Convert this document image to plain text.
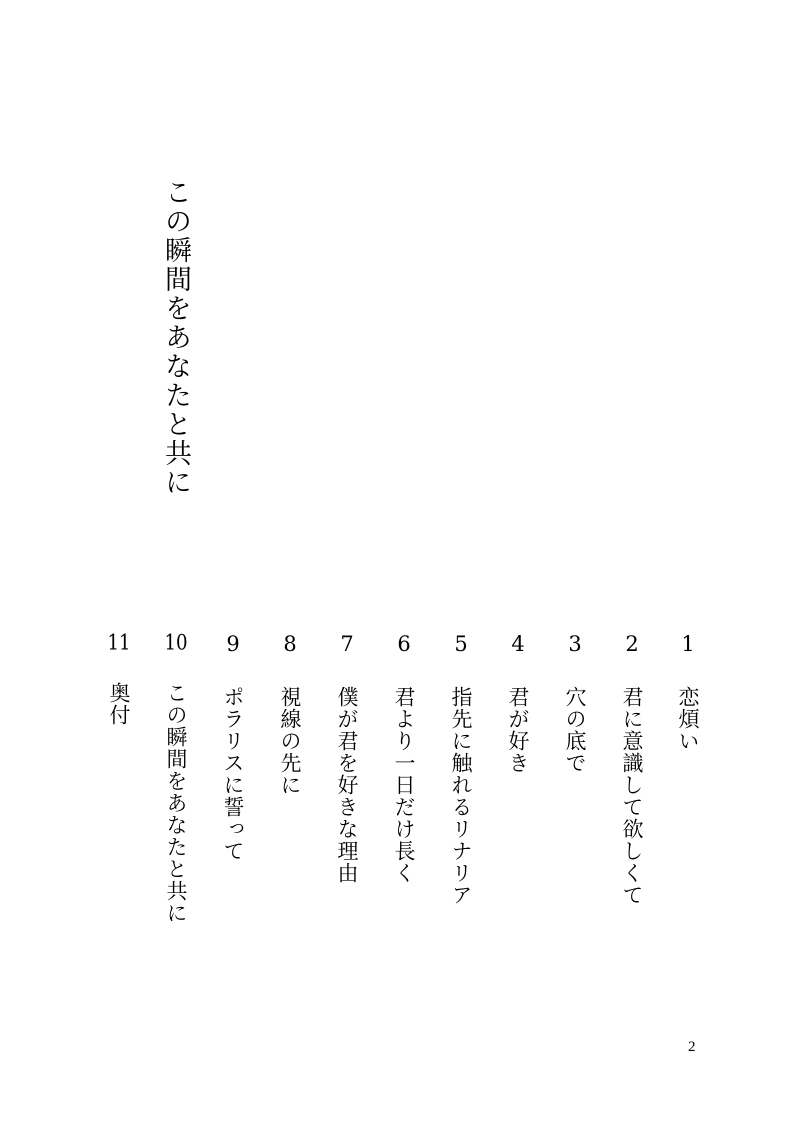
この瞬間をあなたと共に
1 恋煩い
2 君に意識して欲しくて
3 穴の底で
4 君が好き
5 指先に触れるリナリア
6 君より一日だけ長く
7 僕が君を好きな理由
8 視線の先に
9 ポラリスに誓って
10 この瞬間をあなたと共に
11 奥付
2
